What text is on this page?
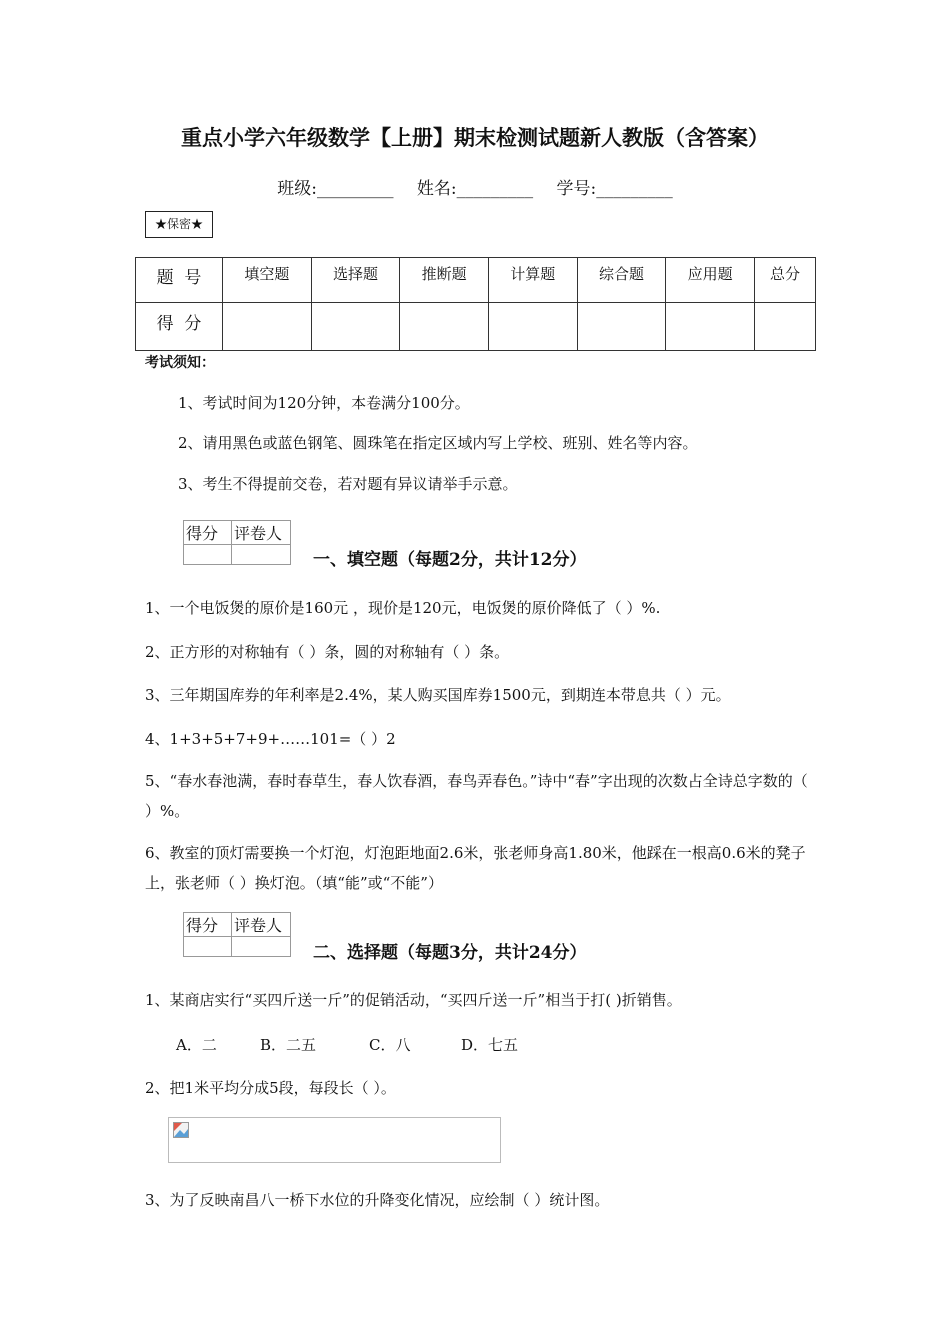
重点小学六年级数学【上册】期末检测试题新人教版（含答案）
班级:_________ 姓名:_________ 学号:_________
★保密★
题  号	填空题	选择题	推断题	计算题	综合题	应用题	总分
得  分							
考试须知：
1、考试时间为120分钟，本卷满分100分。
2、请用黑色或蓝色钢笔、圆珠笔在指定区域内写上学校、班别、姓名等内容。
3、考生不得提前交卷，若对题有异议请举手示意。
得分	评卷人

一、填空题（每题2分，共计12分）
1、一个电饭煲的原价是160元 ，现价是120元，电饭煲的原价降低了（ ）%.
2、正方形的对称轴有（ ）条，圆的对称轴有（ ）条。
3、三年期国库券的年利率是2.4%，某人购买国库券1500元，到期连本带息共（ ）元。
4、1+3+5+7+9+……101=（ ）2
5、“春水春池满，春时春草生，春人饮春酒，春鸟弄春色。”诗中“春”字出现的次数占全诗总字数的（ ）%。
6、教室的顶灯需要换一个灯泡，灯泡距地面2.6米，张老师身高1.80米，他踩在一根高0.6米的凳子上，张老师（ ）换灯泡。（填“能”或“不能”）
得分	评卷人

二、选择题（每题3分，共计24分）
1、某商店实行“买四斤送一斤”的促销活动，“买四斤送一斤”相当于打( )折销售。
A．二	B．二五	C．八	D．七五
2、把1米平均分成5段，每段长（ ）。
3、为了反映南昌八一桥下水位的升降变化情况，应绘制（ ）统计图。
